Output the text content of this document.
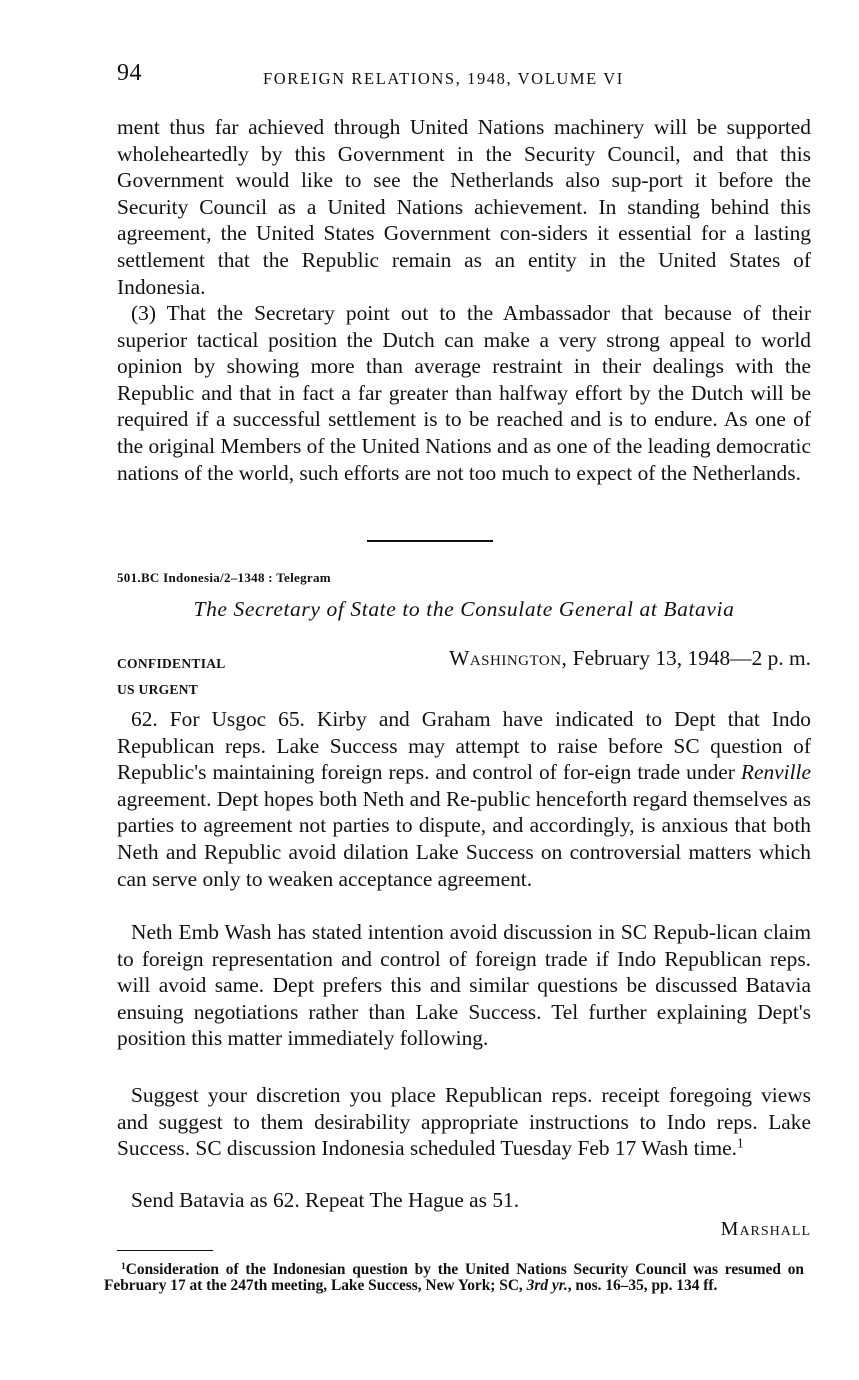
94	FOREIGN RELATIONS, 1948, VOLUME VI

ment thus far achieved through United Nations machinery will be supported wholeheartedly by this Government in the Security Council, and that this Government would like to see the Netherlands also sup-port it before the Security Council as a United Nations achievement. In standing behind this agreement, the United States Government con-siders it essential for a lasting settlement that the Republic remain as an entity in the United States of Indonesia.

(3) That the Secretary point out to the Ambassador that because of their superior tactical position the Dutch can make a very strong appeal to world opinion by showing more than average restraint in their dealings with the Republic and that in fact a far greater than halfway effort by the Dutch will be required if a successful settlement is to be reached and is to endure. As one of the original Members of the United Nations and as one of the leading democratic nations of the world, such efforts are not too much to expect of the Netherlands.

501.BC Indonesia/2–1348 : Telegram
The Secretary of State to the Consulate General at Batavia
CONFIDENTIAL
US URGENT
Washington, February 13, 1948—2 p. m.

62. For Usgoc 65. Kirby and Graham have indicated to Dept that Indo Republican reps. Lake Success may attempt to raise before SC question of Republic's maintaining foreign reps. and control of for-eign trade under Renville agreement. Dept hopes both Neth and Re-public henceforth regard themselves as parties to agreement not parties to dispute, and accordingly, is anxious that both Neth and Republic avoid dilation Lake Success on controversial matters which can serve only to weaken acceptance agreement.

Neth Emb Wash has stated intention avoid discussion in SC Repub-lican claim to foreign representation and control of foreign trade if Indo Republican reps. will avoid same. Dept prefers this and similar questions be discussed Batavia ensuing negotiations rather than Lake Success. Tel further explaining Dept's position this matter immediately following.

Suggest your discretion you place Republican reps. receipt foregoing views and suggest to them desirability appropriate instructions to Indo reps. Lake Success. SC discussion Indonesia scheduled Tuesday Feb 17 Wash time.$^1$

Send Batavia as 62. Repeat The Hague as 51.

Marshall

$^1$Consideration of the Indonesian question by the United Nations Security Council was resumed on February 17 at the 247th meeting, Lake Success, New York; SC, 3rd yr., nos. 16–35, pp. 134 ff.
